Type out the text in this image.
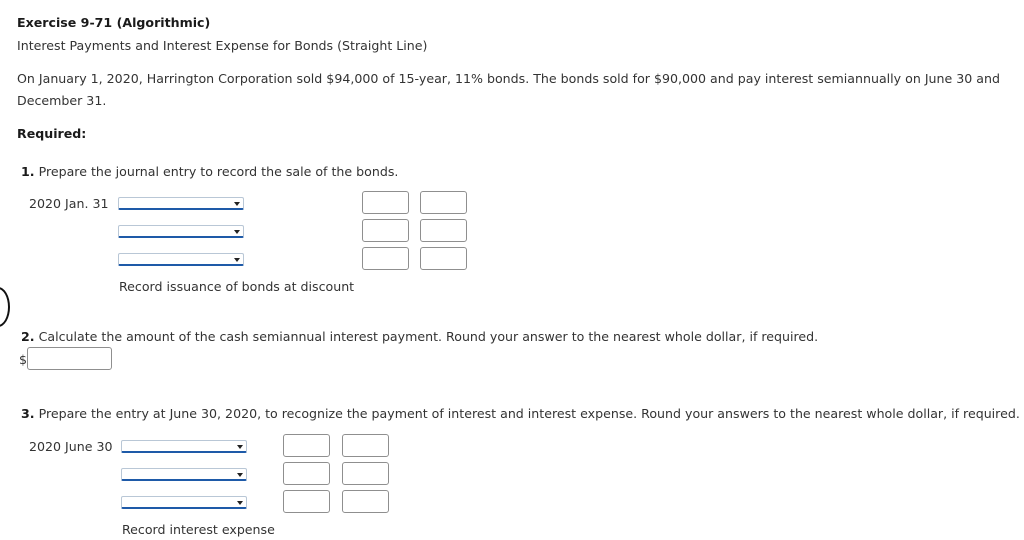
Exercise 9-71 (Algorithmic)
Interest Payments and Interest Expense for Bonds (Straight Line)
On January 1, 2020, Harrington Corporation sold $94,000 of 15-year, 11% bonds. The bonds sold for $90,000 and pay interest semiannually on June 30 and
December 31.
Required:
1. Prepare the journal entry to record the sale of the bonds.
2020 Jan. 31
Record issuance of bonds at discount
2. Calculate the amount of the cash semiannual interest payment. Round your answer to the nearest whole dollar, if required.
$
3. Prepare the entry at June 30, 2020, to recognize the payment of interest and interest expense. Round your answers to the nearest whole dollar, if required.
2020 June 30
Record interest expense
